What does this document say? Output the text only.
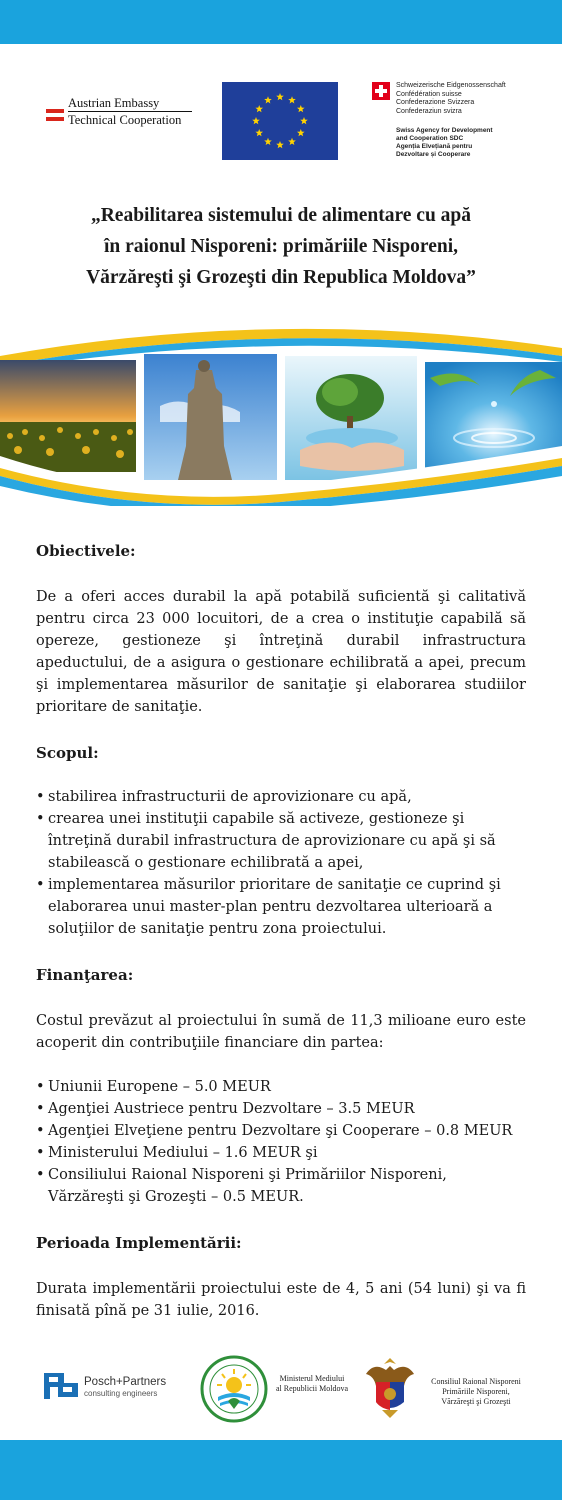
Austrian Embassy
Technical Cooperation
Schweizerische Eidgenossenschaft
Confédération suisse
Confederazione Svizzera
Confederaziun svizra
Swiss Agency for Development
and Cooperation SDC
Agenția Elvețiană pentru
Dezvoltare și Cooperare
„Reabilitarea sistemului de alimentare cu apă
în raionul Nisporeni: primăriile Nisporeni,
Vărzăreşti şi Grozeşti din Republica Moldova”
Obiectivele:
De a oferi acces durabil la apă potabilă suficientă şi calitativă pentru circa 23 000 locuitori, de a crea o instituţie capabilă să opereze, gestioneze şi întreţină durabil infrastructura apeductului, de a asigura o gestionare echilibrată a apei, precum şi implementarea măsurilor de sanitaţie şi elaborarea studiilor prioritare de sanitaţie.
Scopul:
• stabilirea infrastructurii de aprovizionare cu apă,
• crearea unei instituţii capabile să activeze, gestioneze şi întreţină durabil infrastructura de aprovizionare cu apă şi să stabilească o gestionare echilibrată a apei,
• implementarea măsurilor prioritare de sanitaţie ce cuprind şi elaborarea unui master-plan pentru dezvoltarea ulterioară a soluţiilor de sanitaţie pentru zona proiectului.
Finanţarea:
Costul prevăzut al proiectului în sumă de 11,3 milioane euro este acoperit din contribuţiile financiare din partea:
• Uniunii Europene – 5.0 MEUR
• Agenţiei Austriece pentru Dezvoltare – 3.5 MEUR
• Agenţiei Elveţiene pentru Dezvoltare şi Cooperare – 0.8 MEUR
• Ministerului Mediului – 1.6 MEUR şi
• Consiliului Raional Nisporeni şi Primăriilor Nisporeni, Vărzăreşti şi Grozeşti – 0.5 MEUR.
Perioada Implementării:
Durata implementării proiectului este de 4, 5 ani (54 luni) şi va fi finisată pînă pe 31 iulie, 2016.
Posch+Partners
consulting engineers
Ministerul Mediului
al Republicii Moldova
Consiliul Raional Nisporeni
Primăriile Nisporeni,
Vărzăreşti şi Grozeşti
